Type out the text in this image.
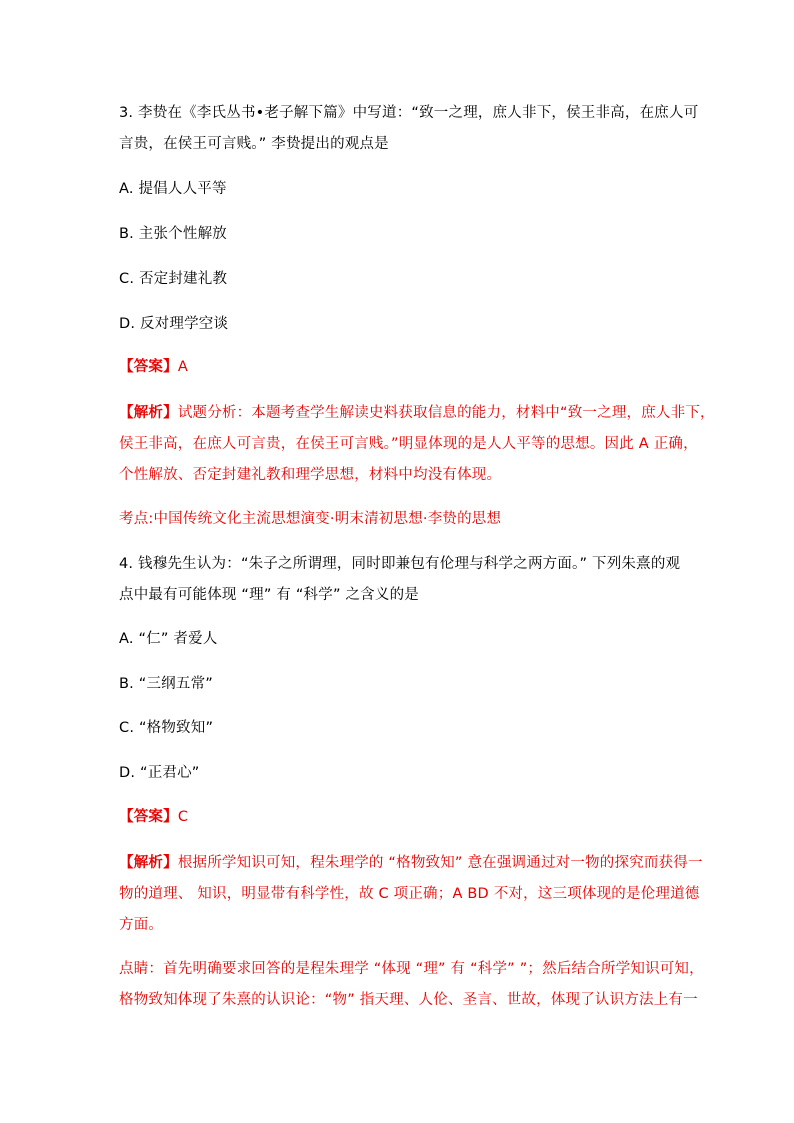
3. 李贽在《李氏丛书•老子解下篇》中写道：“致一之理，庶人非下，侯王非高，在庶人可
言贵，在侯王可言贱。” 李贽提出的观点是
A. 提倡人人平等
B. 主张个性解放
C. 否定封建礼教
D. 反对理学空谈
【答案】A
【解析】试题分析：本题考查学生解读史料获取信息的能力，材料中“致一之理，庶人非下，
侯王非高，在庶人可言贵，在侯王可言贱。”明显体现的是人人平等的思想。因此 A 正确，
个性解放、否定封建礼教和理学思想，材料中均没有体现。
考点:中国传统文化主流思想演变·明末清初思想·李贽的思想
4. 钱穆先生认为：“朱子之所谓理，同时即兼包有伦理与科学之两方面。” 下列朱熹的观
点中最有可能体现 “理” 有 “科学” 之含义的是
A. “仁” 者爱人
B. “三纲五常”
C. “格物致知”
D. “正君心”
【答案】C
【解析】根据所学知识可知，程朱理学的 “格物致知” 意在强调通过对一物的探究而获得一
物的道理、 知识，明显带有科学性，故 C 项正确；A BD 不对，这三项体现的是伦理道德
方面。
点睛：首先明确要求回答的是程朱理学 “体现 “理” 有 “科学” ”；然后结合所学知识可知，
格物致知体现了朱熹的认识论：“物” 指天理、人伦、圣言、世故，体现了认识方法上有一
